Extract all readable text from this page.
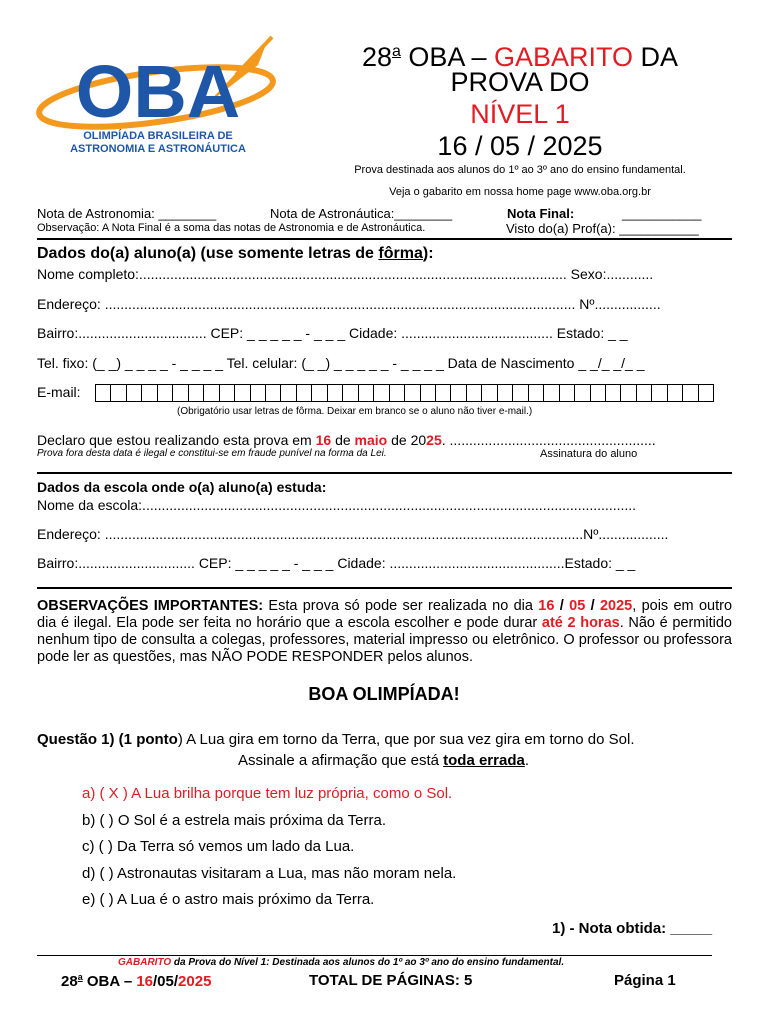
OBA
OLIMPÍADA BRASILEIRA DE
ASTRONOMIA E ASTRONÁUTICA
28$^a$ OBA – GABARITO DA
PROVA DO
NÍVEL 1
16 / 05 / 2025
Prova destinada aos alunos do 1º ao 3º ano do ensino fundamental.
Veja o gabarito em nossa home page www.oba.org.br
Nota de Astronomia: ________	Nota de Astronáutica:________	Nota Final:	___________
Observação: A Nota Final é a soma das notas de Astronomia e de Astronáutica.	Visto do(a) Prof(a): ___________
Dados do(a) aluno(a) (use somente letras de fôrma):
Nome completo:.............................................................................................................. Sexo:............
Endereço: ......................................................................................................................... Nº.................
Bairro:................................. CEP: _ _ _ _ _ - _ _ _ Cidade: ....................................... Estado: _ _
Tel. fixo: (_ _) _ _ _ _ - _ _ _ _ Tel. celular: (_ _) _ _ _ _ _ - _ _ _ _ Data de Nascimento _ _/_ _/_ _
E-mail:
(Obrigatório usar letras de fôrma. Deixar em branco se o aluno não tiver e-mail.)
Declaro que estou realizando esta prova em 16 de maio de 2025. .....................................................
Prova fora desta data é ilegal e constitui-se em fraude punível na forma da Lei.	Assinatura do aluno
Dados da escola onde o(a) aluno(a) estuda:
Nome da escola:...............................................................................................................................
Endereço: ...........................................................................................................................Nº..................
Bairro:.............................. CEP: _ _ _ _ _ - _ _ _ Cidade: .............................................Estado: _ _
OBSERVAÇÕES IMPORTANTES: Esta prova só pode ser realizada no dia 16 / 05 / 2025, pois em outro dia é ilegal. Ela pode ser feita no horário que a escola escolher e pode durar até 2 horas. Não é permitido nenhum tipo de consulta a colegas, professores, material impresso ou eletrônico. O professor ou professora pode ler as questões, mas NÃO PODE RESPONDER pelos alunos.
BOA OLIMPÍADA!
Questão 1) (1 ponto) A Lua gira em torno da Terra, que por sua vez gira em torno do Sol.
Assinale a afirmação que está toda errada.
a) ( X ) A Lua brilha porque tem luz própria, como o Sol.
b) ( ) O Sol é a estrela mais próxima da Terra.
c) ( ) Da Terra só vemos um lado da Lua.
d) ( ) Astronautas visitaram a Lua, mas não moram nela.
e) ( ) A Lua é o astro mais próximo da Terra.
1) - Nota obtida: _____
GABARITO da Prova do Nível 1: Destinada aos alunos do 1º ao 3º ano do ensino fundamental.
28$^a$ OBA – 16/05/2025	TOTAL DE PÁGINAS: 5	Página 1
